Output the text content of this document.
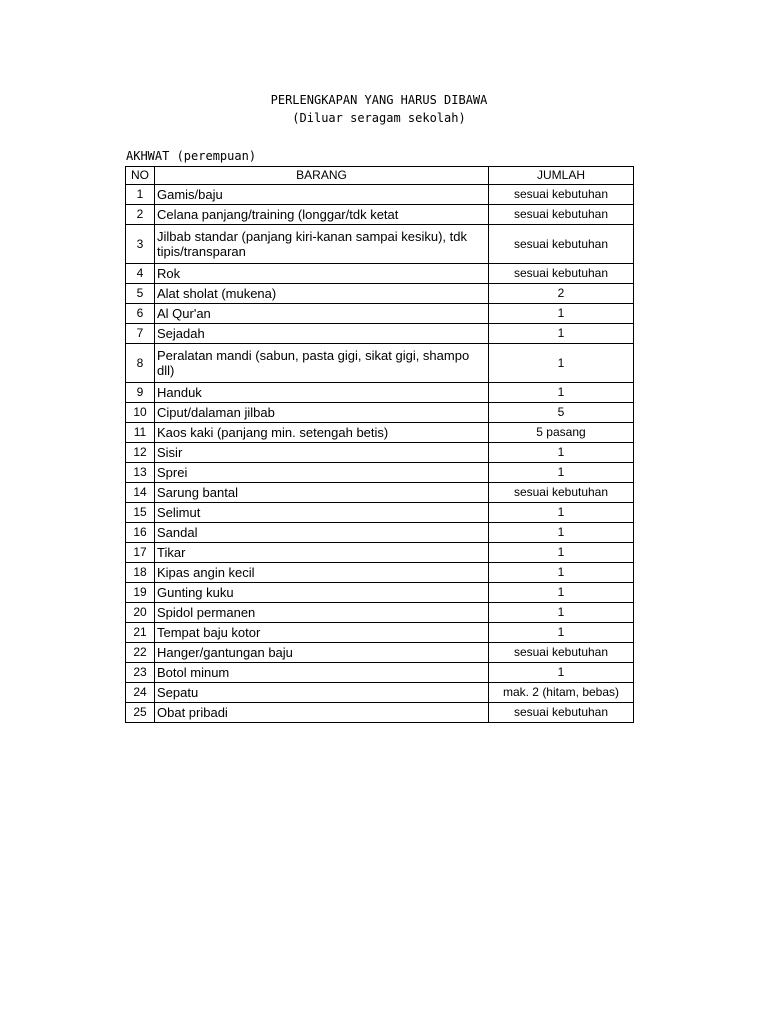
PERLENGKAPAN YANG HARUS DIBAWA
(Diluar seragam sekolah)
AKHWAT (perempuan)
NO	BARANG	JUMLAH
1	Gamis/baju	sesuai kebutuhan
2	Celana panjang/training (longgar/tdk ketat	sesuai kebutuhan
3	Jilbab standar (panjang kiri-kanan sampai kesiku), tdk tipis/transparan	sesuai kebutuhan
4	Rok	sesuai kebutuhan
5	Alat sholat (mukena)	2
6	Al Qur'an	1
7	Sejadah	1
8	Peralatan mandi (sabun, pasta gigi, sikat gigi, shampo dll)	1
9	Handuk	1
10	Ciput/dalaman jilbab	5
11	Kaos kaki (panjang min. setengah betis)	5 pasang
12	Sisir	1
13	Sprei	1
14	Sarung bantal	sesuai kebutuhan
15	Selimut	1
16	Sandal	1
17	Tikar	1
18	Kipas angin kecil	1
19	Gunting kuku	1
20	Spidol permanen	1
21	Tempat baju kotor	1
22	Hanger/gantungan baju	sesuai kebutuhan
23	Botol minum	1
24	Sepatu	mak. 2 (hitam, bebas)
25	Obat pribadi	sesuai kebutuhan
